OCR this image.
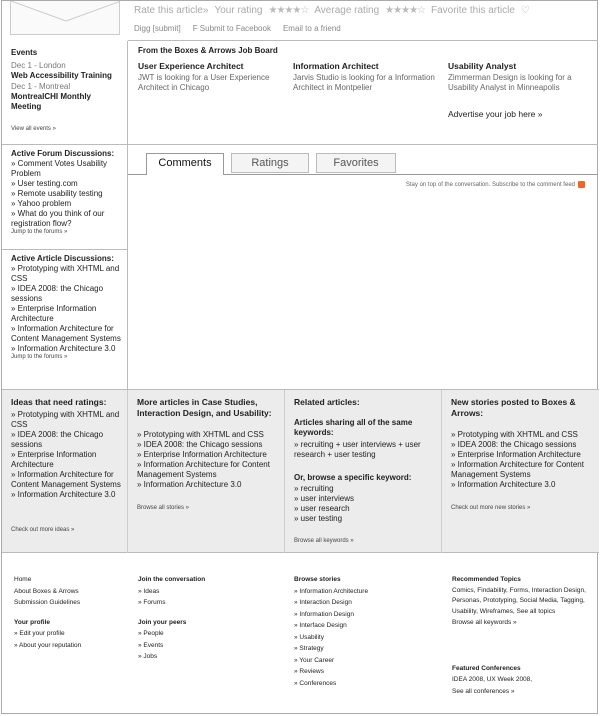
Rate this article» Your rating ★★★★☆ Average rating ★★★★☆ Favorite this article ♡
Digg [submit] F Submit to Facebook Email to a friend
Events
Dec 1 - London
Web Accessibility Training
Dec 1 - Montreal
MontrealCHI Monthly Meeting
View all events »
Active Forum Discussions:
» Comment Votes Usability Problem
» User testing.com
» Remote usability testing
» Yahoo problem
» What do you think of our registration flow?
Jump to the forums »
Active Article Discussions:
» Prototyping with XHTML and CSS
» IDEA 2008: the Chicago sessions
» Enterprise Information Architecture
» Information Architecture for Content Management Systems
» Information Architecture 3.0
Jump to the forums »
From the Boxes & Arrows Job Board
User Experience Architect
JWT is looking for a User Experience Architect in Chicago
Information Architect
Jarvis Studio is looking for a Information Architect in Montpelier
Usability Analyst
Zimmerman Design is looking for a Usability Analyst in Minneapolis
Advertise your job here »
Comments	Ratings	Favorites
Stay on top of the conversation. Subscribe to the comment feed
Ideas that need ratings:
» Prototyping with XHTML and CSS
» IDEA 2008: the Chicago sessions
» Enterprise Information Architecture
» Information Architecture for Content Management Systems
» Information Architecture 3.0
Check out more ideas »
More articles in Case Studies, Interaction Design, and Usability:
» Prototyping with XHTML and CSS
» IDEA 2008: the Chicago sessions
» Enterprise Information Architecture
» Information Architecture for Content Management Systems
» Information Architecture 3.0
Browse all stories »
Related articles:
Articles sharing all of the same keywords:
» recruiting + user interviews + user research + user testing
Or, browse a specific keyword:
» recruiting
» user interviews
» user research
» user testing
Browse all keywords »
New stories posted to Boxes & Arrows:
» Prototyping with XHTML and CSS
» IDEA 2008: the Chicago sessions
» Enterprise Information Architecture
» Information Architecture for Content Management Systems
» Information Architecture 3.0
Check out more new stories »
Home
About Boxes & Arrows
Submission Guidelines
Your profile
» Edit your profile
» About your reputation
Join the conversation
» Ideas
» Forums
Join your peers
» People
» Events
» Jobs
Browse stories
» Information Architecture
» Interaction Design
» Information Design
» Interface Design
» Usability
» Strategy
» Your Career
» Reviews
» Conferences
Recommended Topics
Comics, Findability, Forms, Interaction Design, Personas, Prototyping, Social Media, Tagging, Usability, Wireframes, See all topics
Browse all keywords »
Featured Conferences
IDEA 2008, UX Week 2008,
See all conferences »
